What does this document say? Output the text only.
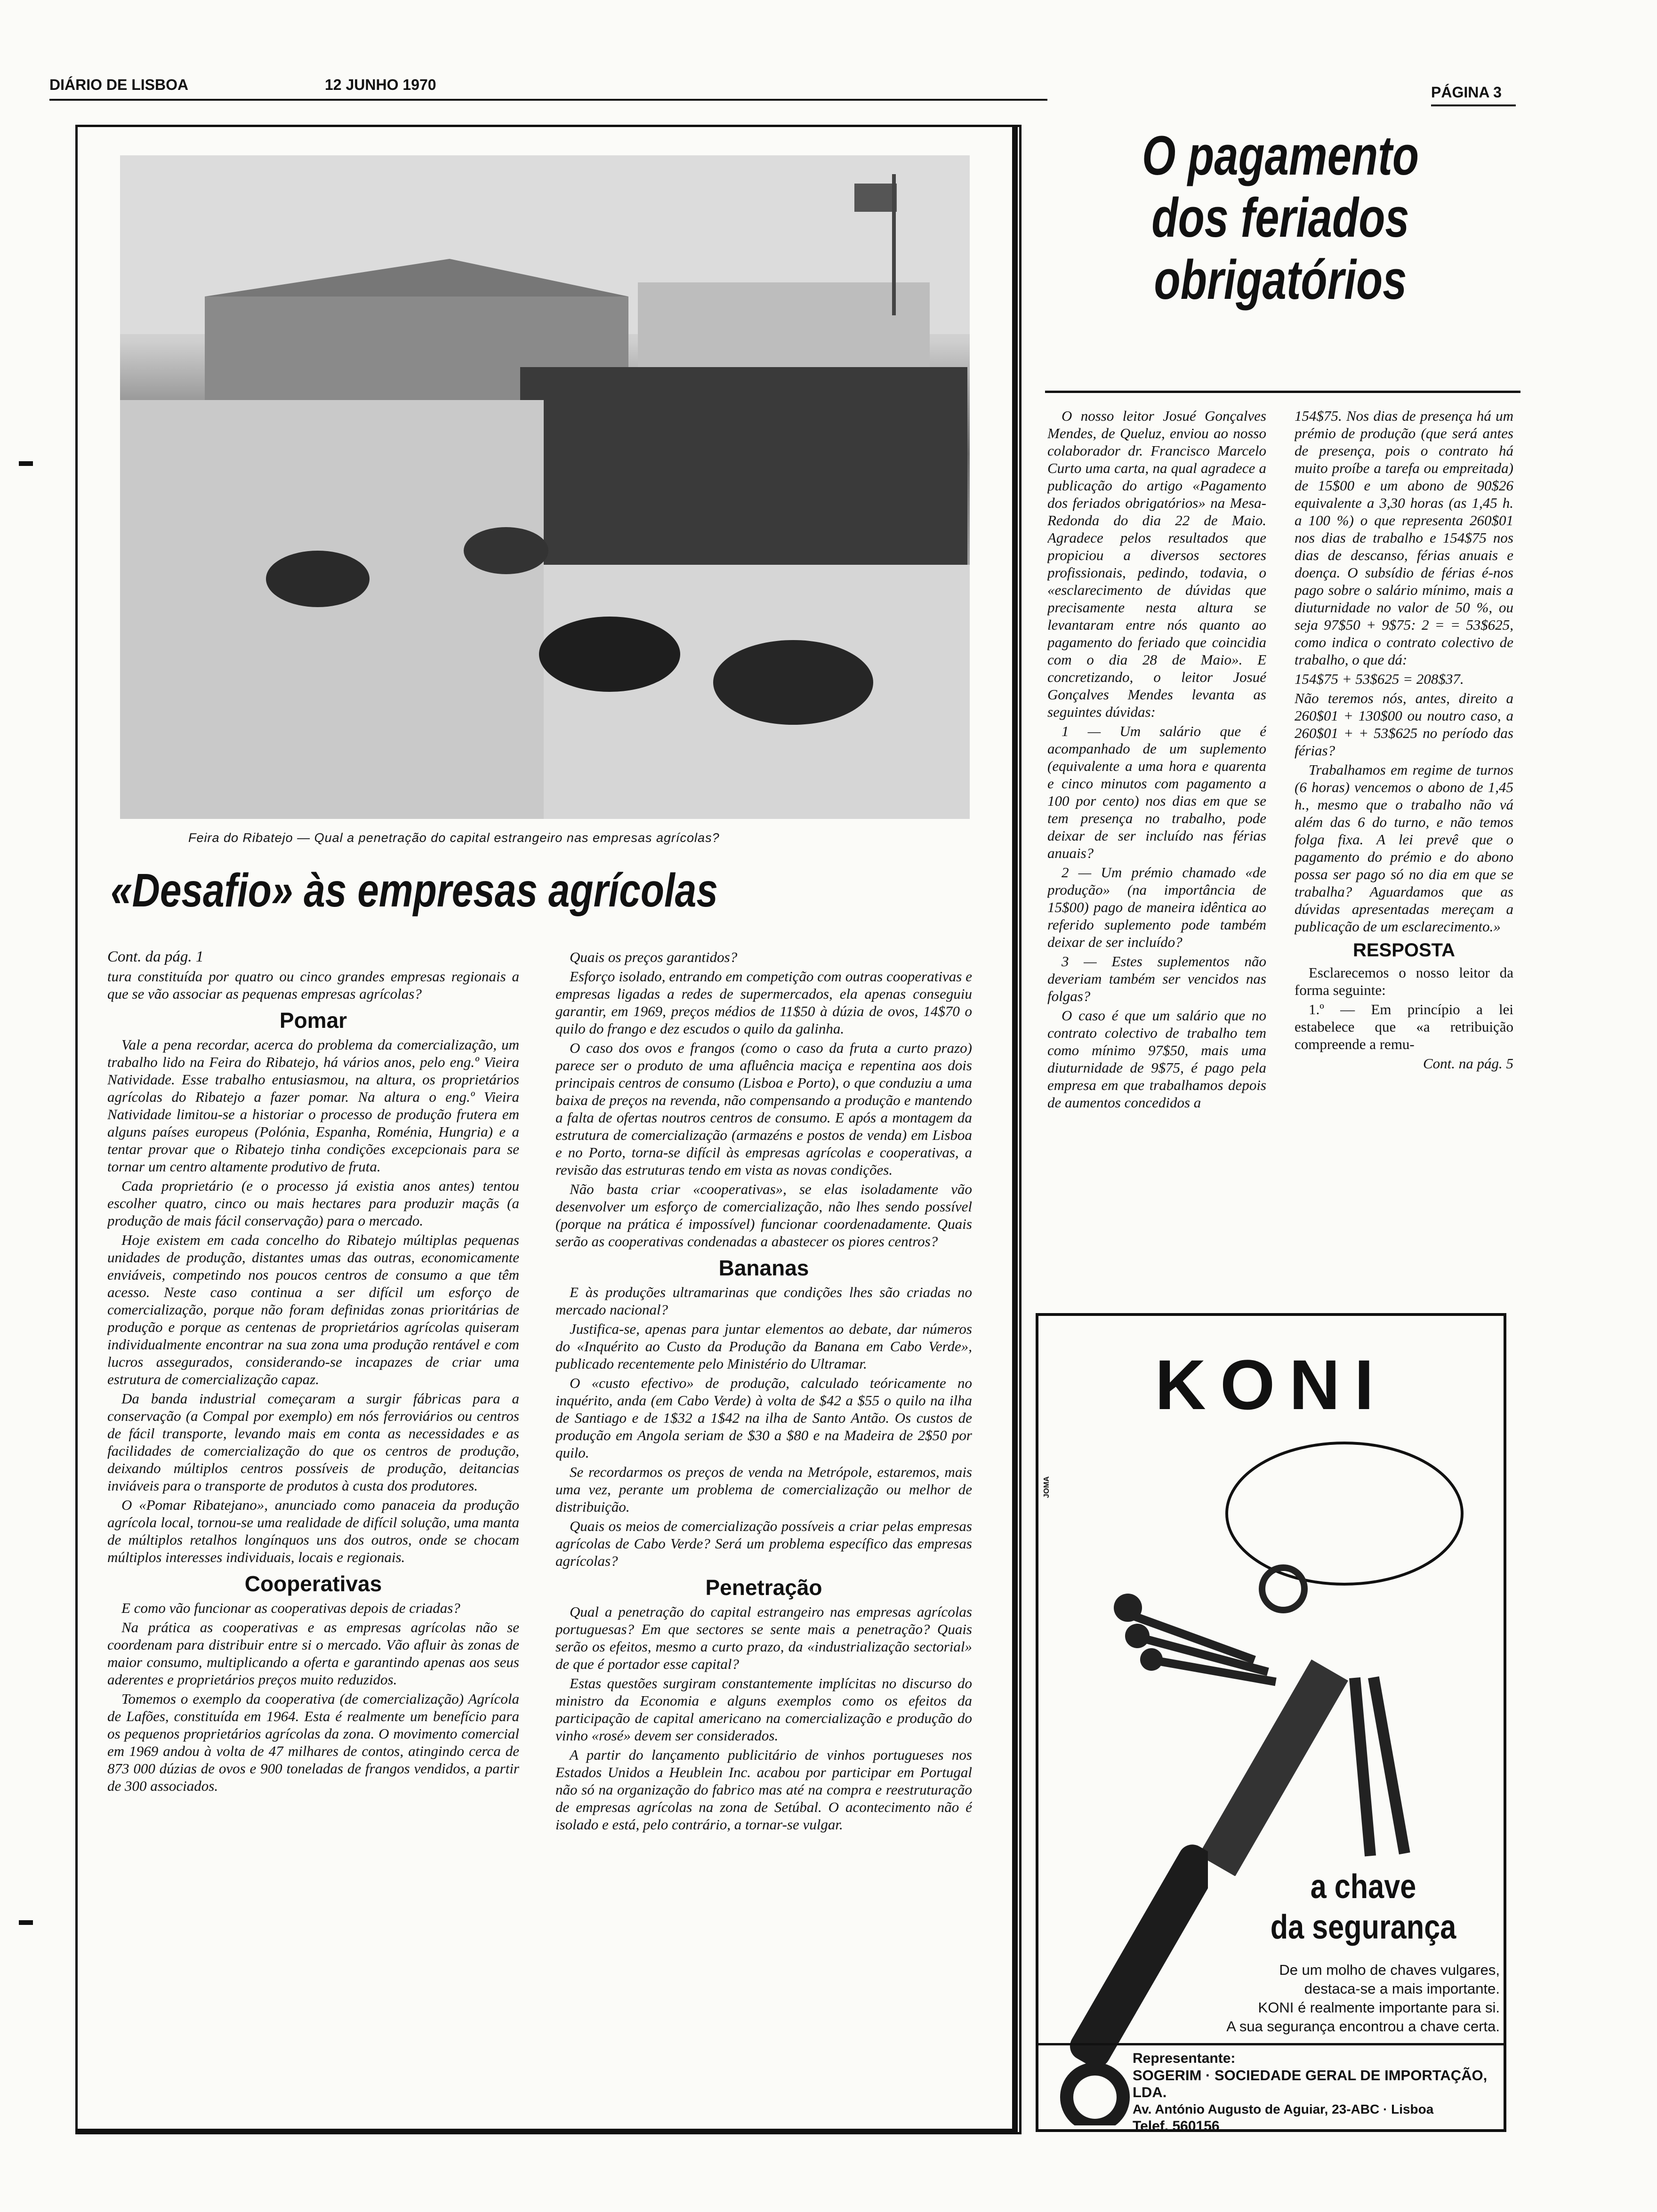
DIÁRIO DE LISBOA	12 JUNHO 1970	PÁGINA 3
Feira do Ribatejo — Qual a penetração do capital estrangeiro nas empresas agrícolas?
«Desafio» às empresas agrícolas

Cont. da pág. 1

tura constituída por quatro ou cinco grandes empresas regionais a que se vão associar as pequenas empresas agrícolas?

Pomar

Vale a pena recordar, acerca do problema da comercialização, um trabalho lido na Feira do Ribatejo, há vários anos, pelo eng.º Vieira Natividade. Esse trabalho entusiasmou, na altura, os proprietários agrícolas do Ribatejo a fazer pomar. Na altura o eng.º Vieira Natividade limitou-se a historiar o processo de produção frutera em alguns países europeus (Polónia, Espanha, Roménia, Hungria) e a tentar provar que o Ribatejo tinha condições excepcionais para se tornar um centro altamente produtivo de fruta.

Cada proprietário (e o processo já existia anos antes) tentou escolher quatro, cinco ou mais hectares para produzir maçãs (a produção de mais fácil conservação) para o mercado.

Hoje existem em cada concelho do Ribatejo múltiplas pequenas unidades de produção, distantes umas das outras, economicamente enviáveis, competindo nos poucos centros de consumo a que têm acesso. Neste caso continua a ser difícil um esforço de comercialização, porque não foram definidas zonas prioritárias de produção e porque as centenas de proprietários agrícolas quiseram individualmente encontrar na sua zona uma produção rentável e com lucros assegurados, considerando-se incapazes de criar uma estrutura de comercialização capaz.

Da banda industrial começaram a surgir fábricas para a conservação (a Compal por exemplo) em nós ferroviários ou centros de fácil transporte, levando mais em conta as necessidades e as facilidades de comercialização do que os centros de produção, deixando múltiplos centros possíveis de produção, deitancias inviáveis para o transporte de produtos à custa dos produtores.

O «Pomar Ribatejano», anunciado como panaceia da produção agrícola local, tornou-se uma realidade de difícil solução, uma manta de múltiplos retalhos longínquos uns dos outros, onde se chocam múltiplos interesses individuais, locais e regionais.

Cooperativas

E como vão funcionar as cooperativas depois de criadas?

Na prática as cooperativas e as empresas agrícolas não se coordenam para distribuir entre si o mercado. Vão afluir às zonas de maior consumo, multiplicando a oferta e garantindo apenas aos seus aderentes e proprietários preços muito reduzidos.

Tomemos o exemplo da cooperativa (de comercialização) Agrícola de Lafões, constituída em 1964. Esta é realmente um benefício para os pequenos proprietários agrícolas da zona. O movimento comercial em 1969 andou à volta de 47 milhares de contos, atingindo cerca de 873 000 dúzias de ovos e 900 toneladas de frangos vendidos, a partir de 300 associados.

Quais os preços garantidos?

Esforço isolado, entrando em competição com outras cooperativas e empresas ligadas a redes de supermercados, ela apenas conseguiu garantir, em 1969, preços médios de 11$50 à dúzia de ovos, 14$70 o quilo do frango e dez escudos o quilo da galinha.

O caso dos ovos e frangos (como o caso da fruta a curto prazo) parece ser o produto de uma afluência maciça e repentina aos dois principais centros de consumo (Lisboa e Porto), o que conduziu a uma baixa de preços na revenda, não compensando a produção e mantendo a falta de ofertas noutros centros de consumo. E após a montagem da estrutura de comercialização (armazéns e postos de venda) em Lisboa e no Porto, torna-se difícil às empresas agrícolas e cooperativas, a revisão das estruturas tendo em vista as novas condições.

Não basta criar «cooperativas», se elas isoladamente vão desenvolver um esforço de comercialização, não lhes sendo possível (porque na prática é impossível) funcionar coordenadamente. Quais serão as cooperativas condenadas a abastecer os piores centros?

Bananas

E às produções ultramarinas que condições lhes são criadas no mercado nacional?

Justifica-se, apenas para juntar elementos ao debate, dar números do «Inquérito ao Custo da Produção da Banana em Cabo Verde», publicado recentemente pelo Ministério do Ultramar.

O «custo efectivo» de produção, calculado teóricamente no inquérito, anda (em Cabo Verde) à volta de $42 a $55 o quilo na ilha de Santiago e de 1$32 a 1$42 na ilha de Santo Antão. Os custos de produção em Angola seriam de $30 a $80 e na Madeira de 2$50 por quilo.

Se recordarmos os preços de venda na Metrópole, estaremos, mais uma vez, perante um problema de comercialização ou melhor de distribuição.

Quais os meios de comercialização possíveis a criar pelas empresas agrícolas de Cabo Verde? Será um problema específico das empresas agrícolas?

Penetração

Qual a penetração do capital estrangeiro nas empresas agrícolas portuguesas? Em que sectores se sente mais a penetração? Quais serão os efeitos, mesmo a curto prazo, da «industrialização sectorial» de que é portador esse capital?

Estas questões surgiram constantemente implícitas no discurso do ministro da Economia e alguns exemplos como os efeitos da participação de capital americano na comercialização e produção do vinho «rosé» devem ser considerados.

A partir do lançamento publicitário de vinhos portugueses nos Estados Unidos a Heublein Inc. acabou por participar em Portugal não só na organização do fabrico mas até na compra e reestruturação de empresas agrícolas na zona de Setúbal. O acontecimento não é isolado e está, pelo contrário, a tornar-se vulgar.

O pagamento
dos feriados
obrigatórios

O nosso leitor Josué Gonçalves Mendes, de Queluz, enviou ao nosso colaborador dr. Francisco Marcelo Curto uma carta, na qual agradece a publicação do artigo «Pagamento dos feriados obrigatórios» na Mesa-Redonda do dia 22 de Maio. Agradece pelos resultados que propiciou a diversos sectores profissionais, pedindo, todavia, o «esclarecimento de dúvidas que precisamente nesta altura se levantaram entre nós quanto ao pagamento do feriado que coincidia com o dia 28 de Maio». E concretizando, o leitor Josué Gonçalves Mendes levanta as seguintes dúvidas:

1 — Um salário que é acompanhado de um suplemento (equivalente a uma hora e quarenta e cinco minutos com pagamento a 100 por cento) nos dias em que se tem presença no trabalho, pode deixar de ser incluído nas férias anuais?

2 — Um prémio chamado «de produção» (na importância de 15$00) pago de maneira idêntica ao referido suplemento pode também deixar de ser incluído?

3 — Estes suplementos não deveriam também ser vencidos nas folgas?

O caso é que um salário que no contrato colectivo de trabalho tem como mínimo 97$50, mais uma diuturnidade de 9$75, é pago pela empresa em que trabalhamos depois de aumentos concedidos a

154$75. Nos dias de presença há um prémio de produção (que será antes de presença, pois o contrato há muito proíbe a tarefa ou empreitada) de 15$00 e um abono de 90$26 equivalente a 3,30 horas (as 1,45 h. a 100 %) o que representa 260$01 nos dias de trabalho e 154$75 nos dias de descanso, férias anuais e doença. O subsídio de férias é-nos pago sobre o salário mínimo, mais a diuturnidade no valor de 50 %, ou seja 97$50 + 9$75: 2 = = 53$625, como indica o contrato colectivo de trabalho, o que dá:

154$75 + 53$625 = 208$37.

Não teremos nós, antes, direito a 260$01 + 130$00 ou noutro caso, a 260$01 + + 53$625 no período das férias?

Trabalhamos em regime de turnos (6 horas) vencemos o abono de 1,45 h., mesmo que o trabalho não vá além das 6 do turno, e não temos folga fixa. A lei prevê que o pagamento do prémio e do abono possa ser pago só no dia em que se trabalha? Aguardamos que as dúvidas apresentadas mereçam a publicação de um esclarecimento.»

RESPOSTA

Esclarecemos o nosso leitor da forma seguinte:

1.º — Em princípio a lei estabelece que «a retribuição compreende a remu-

Cont. na pág. 5

KONI
JOMA
a chave
da segurança
De um molho de chaves vulgares,
destaca-se a mais importante.
KONI é realmente importante para si.
A sua segurança encontrou a chave certa.
Representante:
SOGERIM · SOCIEDADE GERAL DE IMPORTAÇÃO, LDA.
Av. António Augusto de Aguiar, 23-ABC · Lisboa
Telef. 560156
